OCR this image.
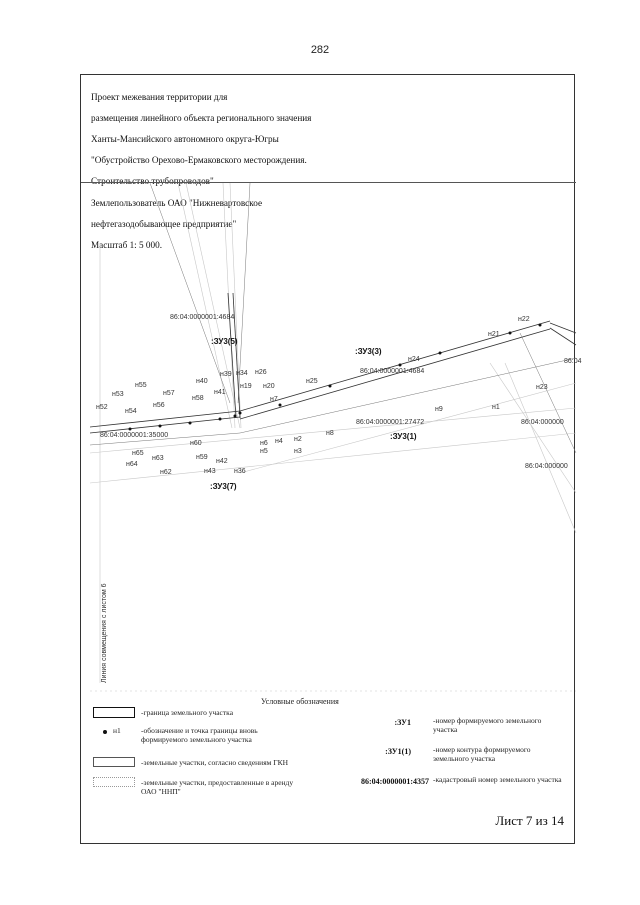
282

Проект межевания территории для

размещения линейного объекта регионального значения

Ханты-Мансийского автономного округа-Югры

"Обустройство Орехово-Ермаковского месторождения.

Строительство трубопроводов"

Землепользователь ОАО "Нижневартовское

нефтегазодобывающее предприятие"

Масштаб 1: 5 000.

86:04:0000001:4684
86:04:0000001:4684
86:04:0000001:27472
86:04:0000001:35000
86:04:000000
86:04:000000
86:04
:ЗУ3(5)
:ЗУ3(3)
:ЗУ3(1)
:ЗУ3(7)
н22
н21
н24
н23
н1
н9
н25
н8
н2
н3
н4
н5
н6
н7
н20
н19
н26
н34
н39
н40
н41
н58
н57
н55
н53
н52
н54
н56
н60
н65
н64
н63	н59
н62	н43
н42
н36
Линия совмещения с листом 6
Условные обозначения
-граница земельного участка
н1	-обозначение и точка границы вновь формируемого земельного участка
-земельные участки, согласно сведениям ГКН
-земельные участки, предоставленные в аренду ОАО "ННП"
:ЗУ1	-номер формируемого земельного участка
:ЗУ1(1)	-номер контура формируемого земельного участка
86:04:0000001:4357 -кадастровый номер земельного участка
Лист 7 из 14
